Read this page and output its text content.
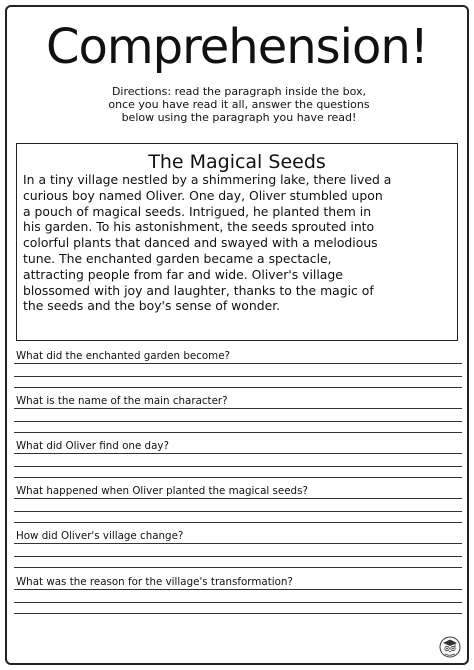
Comprehension!
Directions: read the paragraph inside the box,
once you have read it all, answer the questions
below using the paragraph you have read!
The Magical Seeds
In a tiny village nestled by a shimmering lake, there lived a
curious boy named Oliver. One day, Oliver stumbled upon
a pouch of magical seeds. Intrigued, he planted them in
his garden. To his astonishment, the seeds sprouted into
colorful plants that danced and swayed with a melodious
tune. The enchanted garden became a spectacle,
attracting people from far and wide. Oliver's village
blossomed with joy and laughter, thanks to the magic of
the seeds and the boy's sense of wonder.
What did the enchanted garden become?
What is the name of the main character?
What did Oliver find one day?
What happened when Oliver planted the magical seeds?
How did Oliver's village change?
What was the reason for the village's transformation?
